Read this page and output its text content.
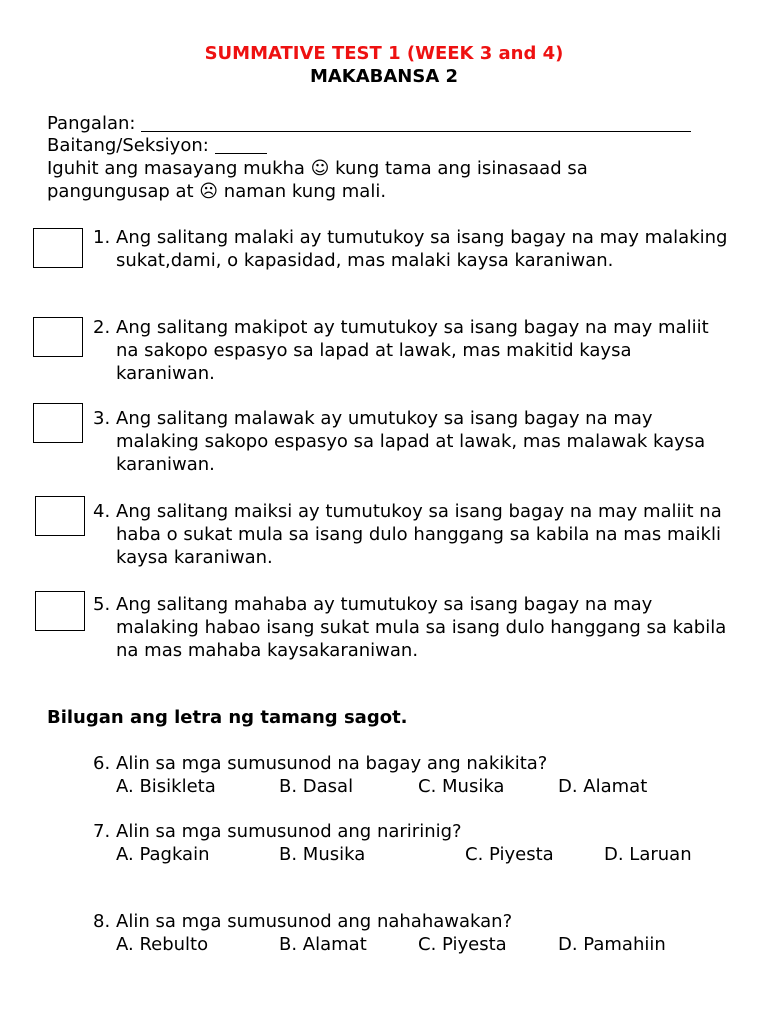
SUMMATIVE TEST 1 (WEEK 3 and 4)
MAKABANSA 2
Pangalan:
Baitang/Seksiyon:
Iguhit ang masayang mukha ☺ kung tama ang isinasaad sa pangungusap at ☹ naman kung mali.
1. Ang salitang malaki ay tumutukoy sa isang bagay na may malaking sukat,dami, o kapasidad, mas malaki kaysa karaniwan.
2. Ang salitang makipot ay tumutukoy sa isang bagay na may maliit na sakopo espasyo sa lapad at lawak, mas makitid kaysa karaniwan.
3. Ang salitang malawak ay umutukoy sa isang bagay na may malaking sakopo espasyo sa lapad at lawak, mas malawak kaysa karaniwan.
4. Ang salitang maiksi ay tumutukoy sa isang bagay na may maliit na haba o sukat mula sa isang dulo hanggang sa kabila na mas maikli kaysa karaniwan.
5. Ang salitang mahaba ay tumutukoy sa isang bagay na may malaking habao isang sukat mula sa isang dulo hanggang sa kabila na mas mahaba kaysakaraniwan.
Bilugan ang letra ng tamang sagot.
6. Alin sa mga sumusunod na bagay ang nakikita?
A. Bisikleta	B. Dasal	C. Musika	D. Alamat
7. Alin sa mga sumusunod ang naririnig?
A. Pagkain	B. Musika	C. Piyesta	D. Laruan
8. Alin sa mga sumusunod ang nahahawakan?
A. Rebulto	B. Alamat	C. Piyesta	D. Pamahiin
